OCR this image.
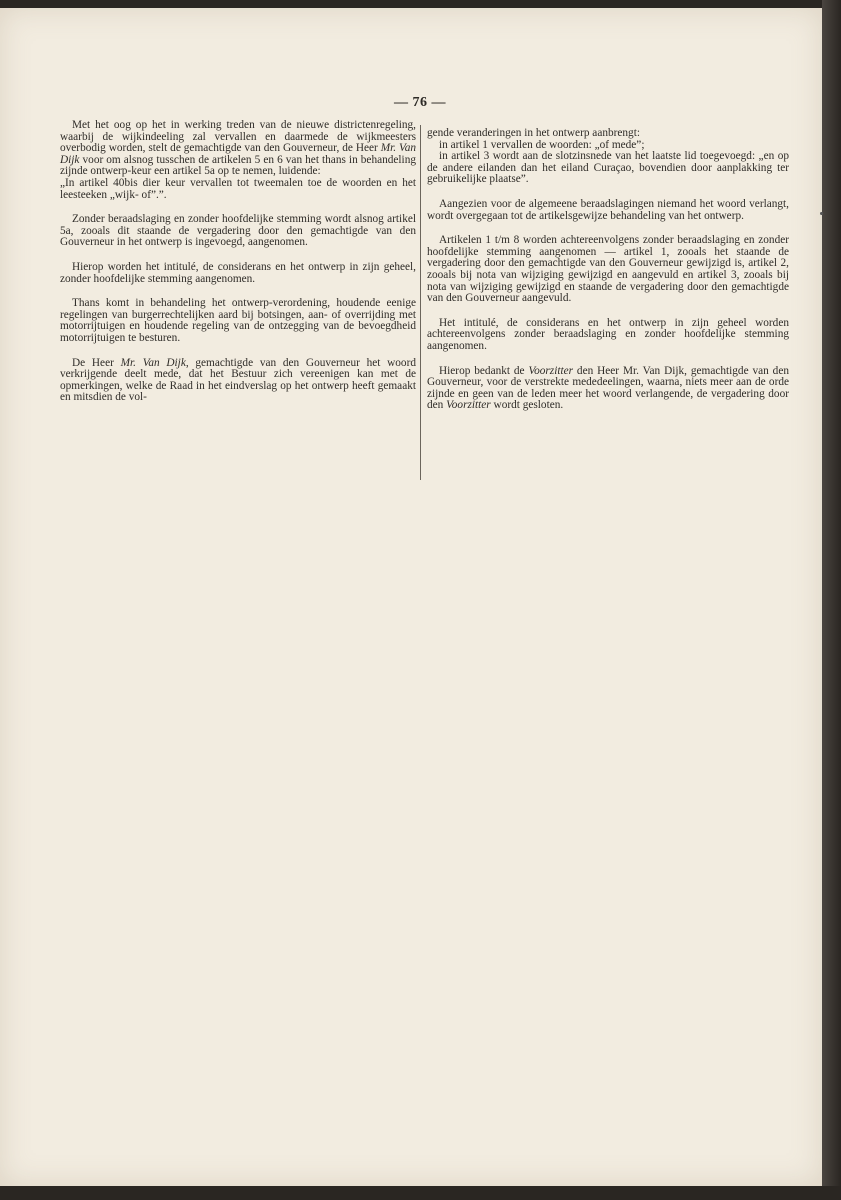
— 76 —

Met het oog op het in werking treden van de nieuwe districtenregeling, waarbij de wijkindeeling zal vervallen en daarmede de wijkmeesters overbodig worden, stelt de gemachtigde van den Gouverneur, de Heer Mr. Van Dijk voor om alsnog tusschen de artikelen 5 en 6 van het thans in behandeling zijnde ontwerp-keur een artikel 5a op te nemen, luidende:

„In artikel 40bis dier keur vervallen tot tweemalen toe de woorden en het leesteeken „wijk- of”.”.

Zonder beraadslaging en zonder hoofdelijke stemming wordt alsnog artikel 5a, zooals dit staande de vergadering door den gemachtigde van den Gouverneur in het ontwerp is ingevoegd, aangenomen.

Hierop worden het intitulé, de considerans en het ontwerp in zijn geheel, zonder hoofdelijke stemming aangenomen.

Thans komt in behandeling het ontwerp-verordening, houdende eenige regelingen van burgerrechtelijken aard bij botsingen, aan- of overrijding met motorrijtuigen en houdende regeling van de ontzegging van de bevoegdheid motorrijtuigen te besturen.

De Heer Mr. Van Dijk, gemachtigde van den Gouverneur het woord verkrijgende deelt mede, dat het Bestuur zich vereenigen kan met de opmerkingen, welke de Raad in het eindverslag op het ontwerp heeft gemaakt en mitsdien de vol-

gende veranderingen in het ontwerp aanbrengt:

in artikel 1 vervallen de woorden: „of mede”;

in artikel 3 wordt aan de slotzinsnede van het laatste lid toegevoegd: „en op de andere eilanden dan het eiland Curaçao, bovendien door aanplakking ter gebruikelijke plaatse”.

Aangezien voor de algemeene beraadslagingen niemand het woord verlangt, wordt overgegaan tot de artikelsgewijze behandeling van het ontwerp.

Artikelen 1 t/m 8 worden achtereenvolgens zonder beraadslaging en zonder hoofdelijke stemming aangenomen — artikel 1, zooals het staande de vergadering door den gemachtigde van den Gouverneur gewijzigd is, artikel 2, zooals bij nota van wijziging gewijzigd en aangevuld en artikel 3, zooals bij nota van wijziging gewijzigd en staande de vergadering door den gemachtigde van den Gouverneur aangevuld.

Het intitulé, de considerans en het ontwerp in zijn geheel worden achtereenvolgens zonder beraadslaging en zonder hoofdelijke stemming aangenomen.

Hierop bedankt de Voorzitter den Heer Mr. Van Dijk, gemachtigde van den Gouverneur, voor de verstrekte mededeelingen, waarna, niets meer aan de orde zijnde en geen van de leden meer het woord verlangende, de vergadering door den Voorzitter wordt gesloten.
